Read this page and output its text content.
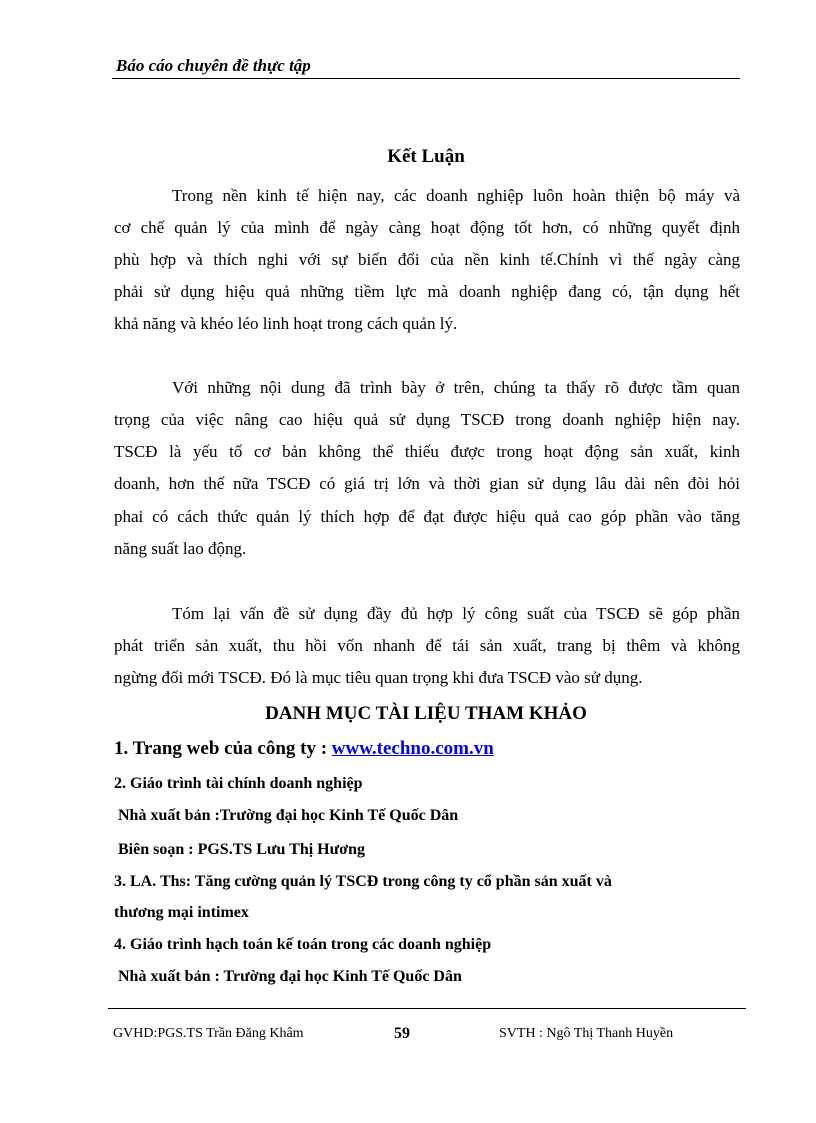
Báo cáo chuyên đề thực tập
Kết Luận
Trong nền kinh tế hiện nay, các doanh nghiệp luôn hoàn thiện bộ máy và
cơ chế quản lý của mình để ngày càng hoạt động tốt hơn, có những quyết định
phù hợp và thích nghi với sự biến đổi của nền kinh tế.Chính vì thế ngày càng
phải sử dụng hiệu quả những tiềm lực mà doanh nghiệp đang có, tận dụng hết
khả năng và khéo léo linh hoạt trong cách quản lý.
Với những nội dung đã trình bày ở trên, chúng ta thấy rõ được tầm quan
trọng của việc nâng cao hiệu quả sử dụng TSCĐ trong doanh nghiệp hiện nay.
TSCĐ là yếu tố cơ bản không thể thiếu được trong hoạt động sản xuất, kinh
doanh, hơn thế nữa TSCĐ có giá trị lớn và thời gian sử dụng lâu dài nên đòi hỏi
phai có cách thức quản lý thích hợp để đạt được hiệu quả cao góp phần vào tăng
năng suất lao động.
Tóm lại vấn đề sử dụng đầy đủ hợp lý công suất của TSCĐ sẽ góp phần
phát triển sản xuất, thu hồi vốn nhanh để tái sản xuất, trang bị thêm và không
ngừng đổi mới TSCĐ. Đó là mục tiêu quan trọng khi đưa TSCĐ vào sử dụng.
DANH MỤC TÀI LIỆU THAM KHẢO
1. Trang web của công ty : www.techno.com.vn
2. Giáo trình tài chính doanh nghiệp
Nhà xuất bản :Trường đại học Kinh Tế Quốc Dân
Biên soạn : PGS.TS Lưu Thị Hương
3. LA. Ths: Tăng cường quản lý TSCĐ trong công ty cổ phần sản xuất và
thương mại intimex
4. Giáo trình hạch toán kế toán trong các doanh nghiệp
Nhà xuất bản : Trường đại học Kinh Tế Quốc Dân
GVHD:PGS.TS Trần Đăng Khâm	59	SVTH : Ngô Thị Thanh Huyền
